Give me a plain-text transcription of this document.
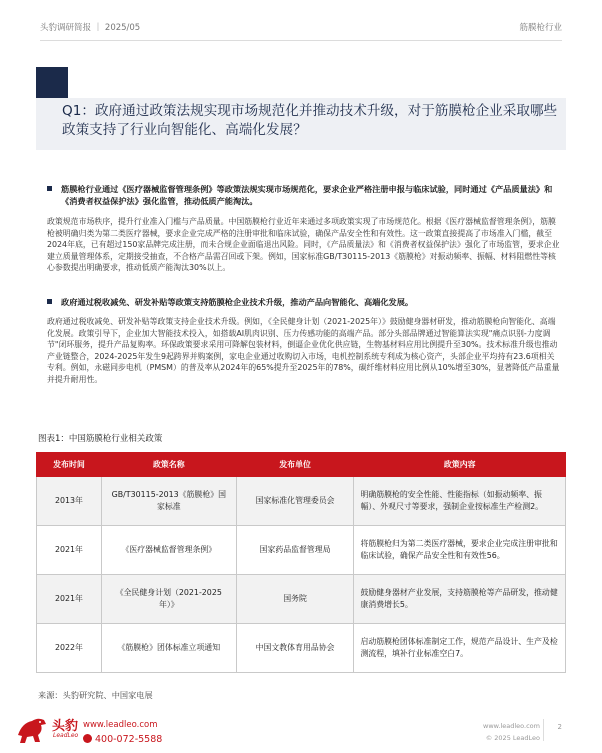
头豹调研简报 ｜ 2025/05	筋膜枪行业
Q1：政府通过政策法规实现市场规范化并推动技术升级，对于筋膜枪企业采取哪些政策支持了行业向智能化、高端化发展？
筋膜枪行业通过《医疗器械监督管理条例》等政策法规实现市场规范化，要求企业严格注册申报与临床试验，同时通过《产品质量法》和《消费者权益保护法》强化监管，推动低质产能淘汰。
政策规范市场秩序，提升行业准入门槛与产品质量。中国筋膜枪行业近年来通过多项政策实现了市场规范化。根据《医疗器械监督管理条例》，筋膜枪被明确归类为第二类医疗器械，要求企业完成严格的注册审批和临床试验，确保产品安全性和有效性。这一政策直接提高了市场准入门槛，截至2024年底，已有超过150家品牌完成注册，而未合规企业面临退出风险。同时，《产品质量法》和《消费者权益保护法》强化了市场监管，要求企业建立质量管理体系，定期接受抽查，不合格产品需召回或下架。例如，国家标准GB/T30115-2013《筋膜枪》对振动频率、振幅、材料阻燃性等核心参数提出明确要求，推动低质产能淘汰30%以上。
政府通过税收减免、研发补贴等政策支持筋膜枪企业技术升级，推动产品向智能化、高端化发展。
政府通过税收减免、研发补贴等政策支持企业技术升级。例如，《全民健身计划（2021-2025年）》鼓励健身器材研发，推动筋膜枪向智能化、高端化发展。政策引导下，企业加大智能技术投入，如搭载AI肌肉识别、压力传感功能的高端产品。部分头部品牌通过智能算法实现"痛点识别-力度调节"闭环服务，提升产品复购率。环保政策要求采用可降解包装材料，倒逼企业优化供应链，生物基材料应用比例提升至30%。技术标准升级也推动产业链整合，2024-2025年发生9起跨界并购案例，家电企业通过收购切入市场，电机控制系统专利成为核心资产，头部企业平均持有23.6项相关专利。例如，永磁同步电机（PMSM）的普及率从2024年的65%提升至2025年的78%，碳纤维材料应用比例从10%增至30%，显著降低产品重量并提升耐用性。
图表1：中国筋膜枪行业相关政策
发布时间	政策名称	发布单位	政策内容
2013年	GB/T30115-2013《筋膜枪》国家标准	国家标准化管理委员会	明确筋膜枪的安全性能、性能指标（如振动频率、振幅）、外观尺寸等要求，强制企业按标准生产检测2。
2021年	《医疗器械监督管理条例》	国家药品监督管理局	将筋膜枪归为第二类医疗器械，要求企业完成注册审批和临床试验，确保产品安全性和有效性56。
2021年	《全民健身计划（2021-2025年）》	国务院	鼓励健身器材产业发展，支持筋膜枪等产品研发，推动健康消费增长5。
2022年	《筋膜枪》团体标准立项通知	中国文教体育用品协会	启动筋膜枪团体标准制定工作，规范产品设计、生产及检测流程，填补行业标准空白7。
来源：头豹研究院、中国家电展
头豹
LeadLeo
www.leadleo.com
400-072-5588
www.leadleo.com
© 2025 LeadLeo
2
